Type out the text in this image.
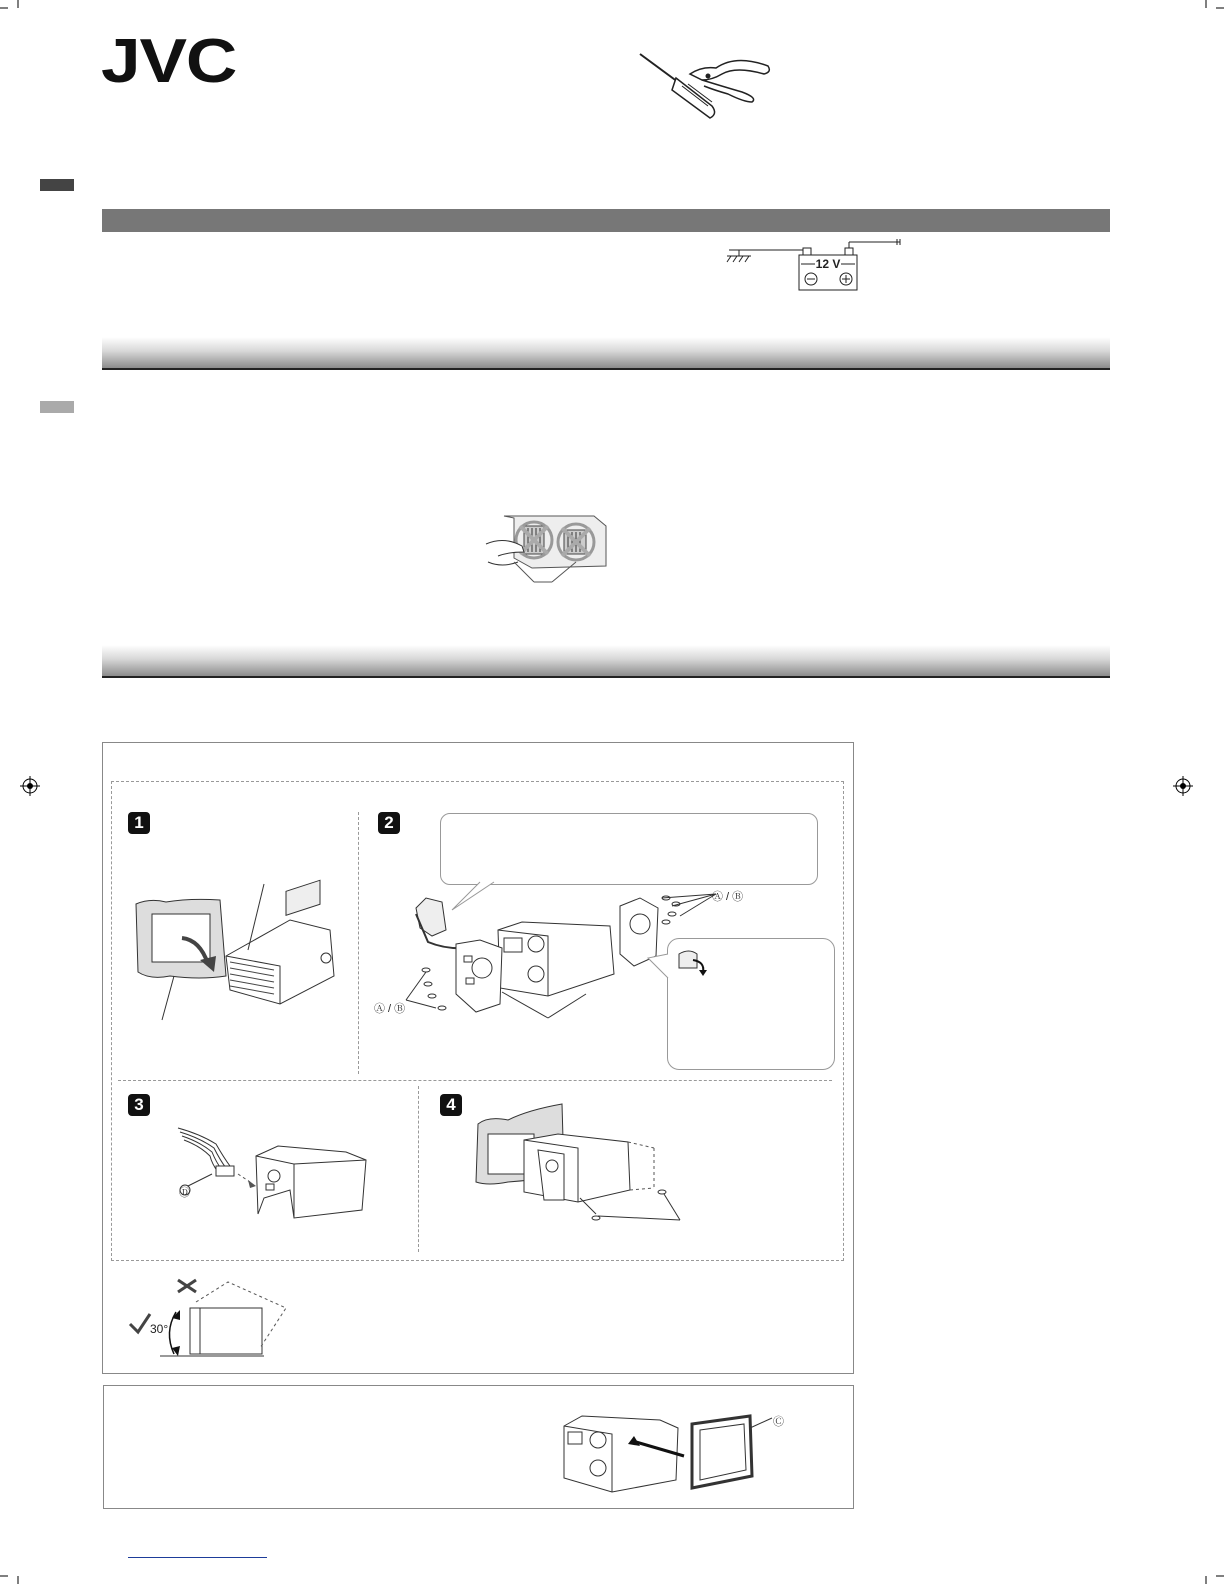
JVC
12 V
1	2
3	4
Ⓐ / Ⓑ
Ⓐ / Ⓑ
Ⓓ
30°
Ⓒ
